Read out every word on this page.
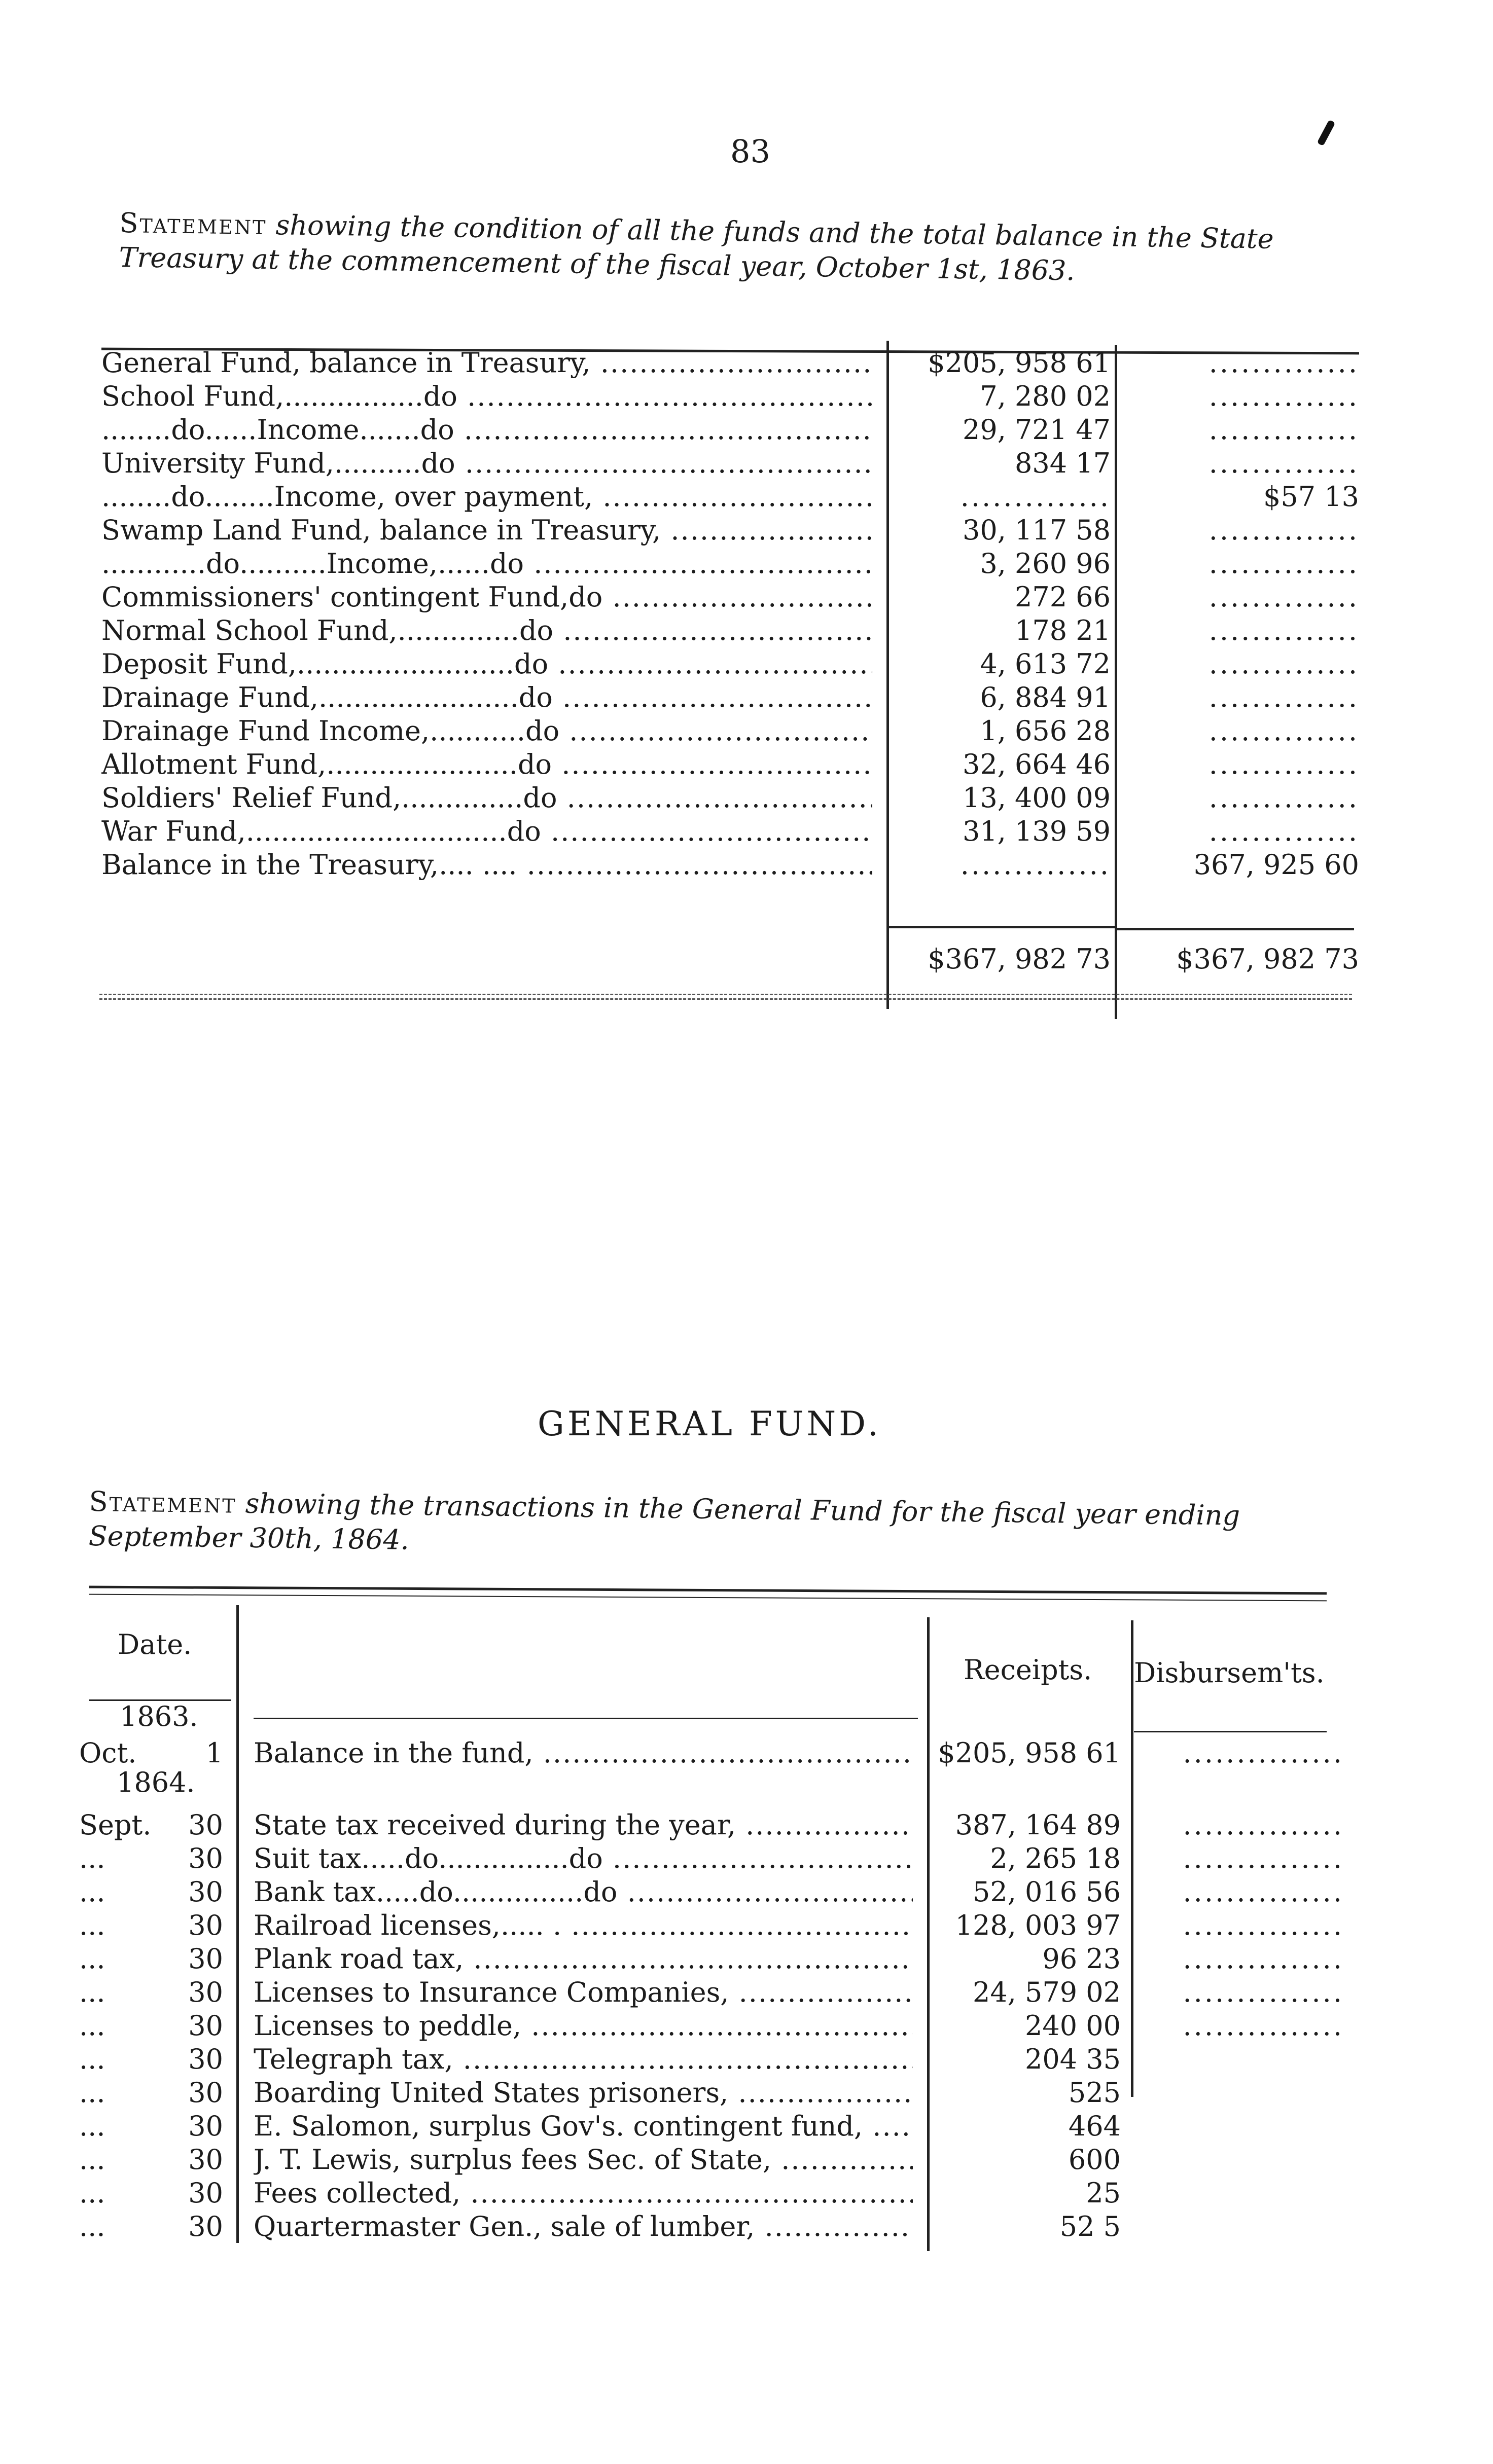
83
Statement showing the condition of all the funds and the total balance in the State Treasury at the commencement of the fiscal year, October 1st, 1863.
General Fund, balance in Treasury, .....	$205, 958 61	..............
School Fund,................do .....	7, 280 02	..............
........do......Income.......do .....	29, 721 47	..............
University Fund,..........do .....	834 17	..............
........do........Income, over payment, .....	..............	$57 13
Swamp Land Fund, balance in Treasury, .....	30, 117 58	..............
............do..........Income,......do .....	3, 260 96	..............
Commissioners' contingent Fund,do .....	272 66	..............
Normal School Fund,..............do .....	178 21	..............
Deposit Fund,.........................do .....	4, 613 72	..............
Drainage Fund,.......................do .....	6, 884 91	..............
Drainage Fund Income,...........do .....	1, 656 28	..............
Allotment Fund,......................do .....	32, 664 46	..............
Soldiers' Relief Fund,..............do .....	13, 400 09	..............
War Fund,..............................do .....	31, 139 59	..............
Balance in the Treasury,.... .... .....	..............	367, 925 60
$367, 982 73	$367, 982 73
GENERAL FUND.
Statement showing the transactions in the General Fund for the fiscal year ending September 30th, 1864.
Date.
Receipts. Disbursem'ts.
1863.
1864.
Oct.	1 Balance in the fund, .....	$205, 958 61	...............
Sept.	30 State tax received during the year, .....	387, 164 89	...............
...	30 Suit tax.....do...............do .....	2, 265 18	...............
...	30 Bank tax.....do...............do .....	52, 016 56	...............
...	30 Railroad licenses,..... . .....	128, 003 97	...............
...	30 Plank road tax, .....	96 23	...............
...	30 Licenses to Insurance Companies, .....	24, 579 02	...............
...	30 Licenses to peddle, .....	240 00	...............
...	30 Telegraph tax, .....	204 35
...	30 Boarding United States prisoners, .....	525
...	30 E. Salomon, surplus Gov's. contingent fund, .....	464
...	30 J. T. Lewis, surplus fees Sec. of State, .....	600
...	30 Fees collected, .....	25
...	30 Quartermaster Gen., sale of lumber, .....	52 5
